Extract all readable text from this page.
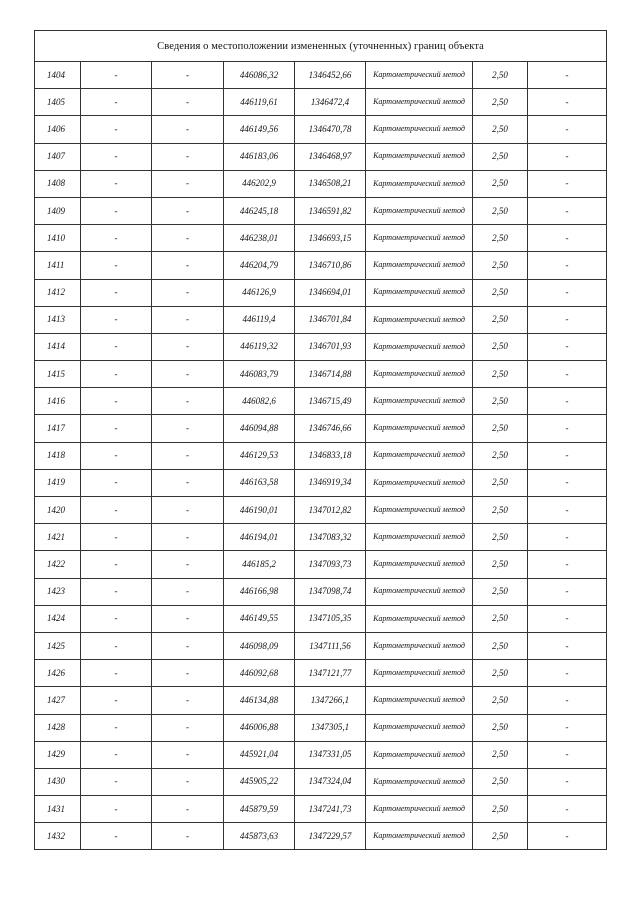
Сведения о местоположении измененных (уточненных) границ объекта							
1404	-	-	446086,32	1346452,66	Картометрический метод	2,50	-
1405	-	-	446119,61	1346472,4	Картометрический метод	2,50	-
1406	-	-	446149,56	1346470,78	Картометрический метод	2,50	-
1407	-	-	446183,06	1346468,97	Картометрический метод	2,50	-
1408	-	-	446202,9	1346508,21	Картометрический метод	2,50	-
1409	-	-	446245,18	1346591,82	Картометрический метод	2,50	-
1410	-	-	446238,01	1346693,15	Картометрический метод	2,50	-
1411	-	-	446204,79	1346710,86	Картометрический метод	2,50	-
1412	-	-	446126,9	1346694,01	Картометрический метод	2,50	-
1413	-	-	446119,4	1346701,84	Картометрический метод	2,50	-
1414	-	-	446119,32	1346701,93	Картометрический метод	2,50	-
1415	-	-	446083,79	1346714,88	Картометрический метод	2,50	-
1416	-	-	446082,6	1346715,49	Картометрический метод	2,50	-
1417	-	-	446094,88	1346746,66	Картометрический метод	2,50	-
1418	-	-	446129,53	1346833,18	Картометрический метод	2,50	-
1419	-	-	446163,58	1346919,34	Картометрический метод	2,50	-
1420	-	-	446190,01	1347012,82	Картометрический метод	2,50	-
1421	-	-	446194,01	1347083,32	Картометрический метод	2,50	-
1422	-	-	446185,2	1347093,73	Картометрический метод	2,50	-
1423	-	-	446166,98	1347098,74	Картометрический метод	2,50	-
1424	-	-	446149,55	1347105,35	Картометрический метод	2,50	-
1425	-	-	446098,09	1347111,56	Картометрический метод	2,50	-
1426	-	-	446092,68	1347121,77	Картометрический метод	2,50	-
1427	-	-	446134,88	1347266,1	Картометрический метод	2,50	-
1428	-	-	446006,88	1347305,1	Картометрический метод	2,50	-
1429	-	-	445921,04	1347331,05	Картометрический метод	2,50	-
1430	-	-	445905,22	1347324,04	Картометрический метод	2,50	-
1431	-	-	445879,59	1347241,73	Картометрический метод	2,50	-
1432	-	-	445873,63	1347229,57	Картометрический метод	2,50	-
